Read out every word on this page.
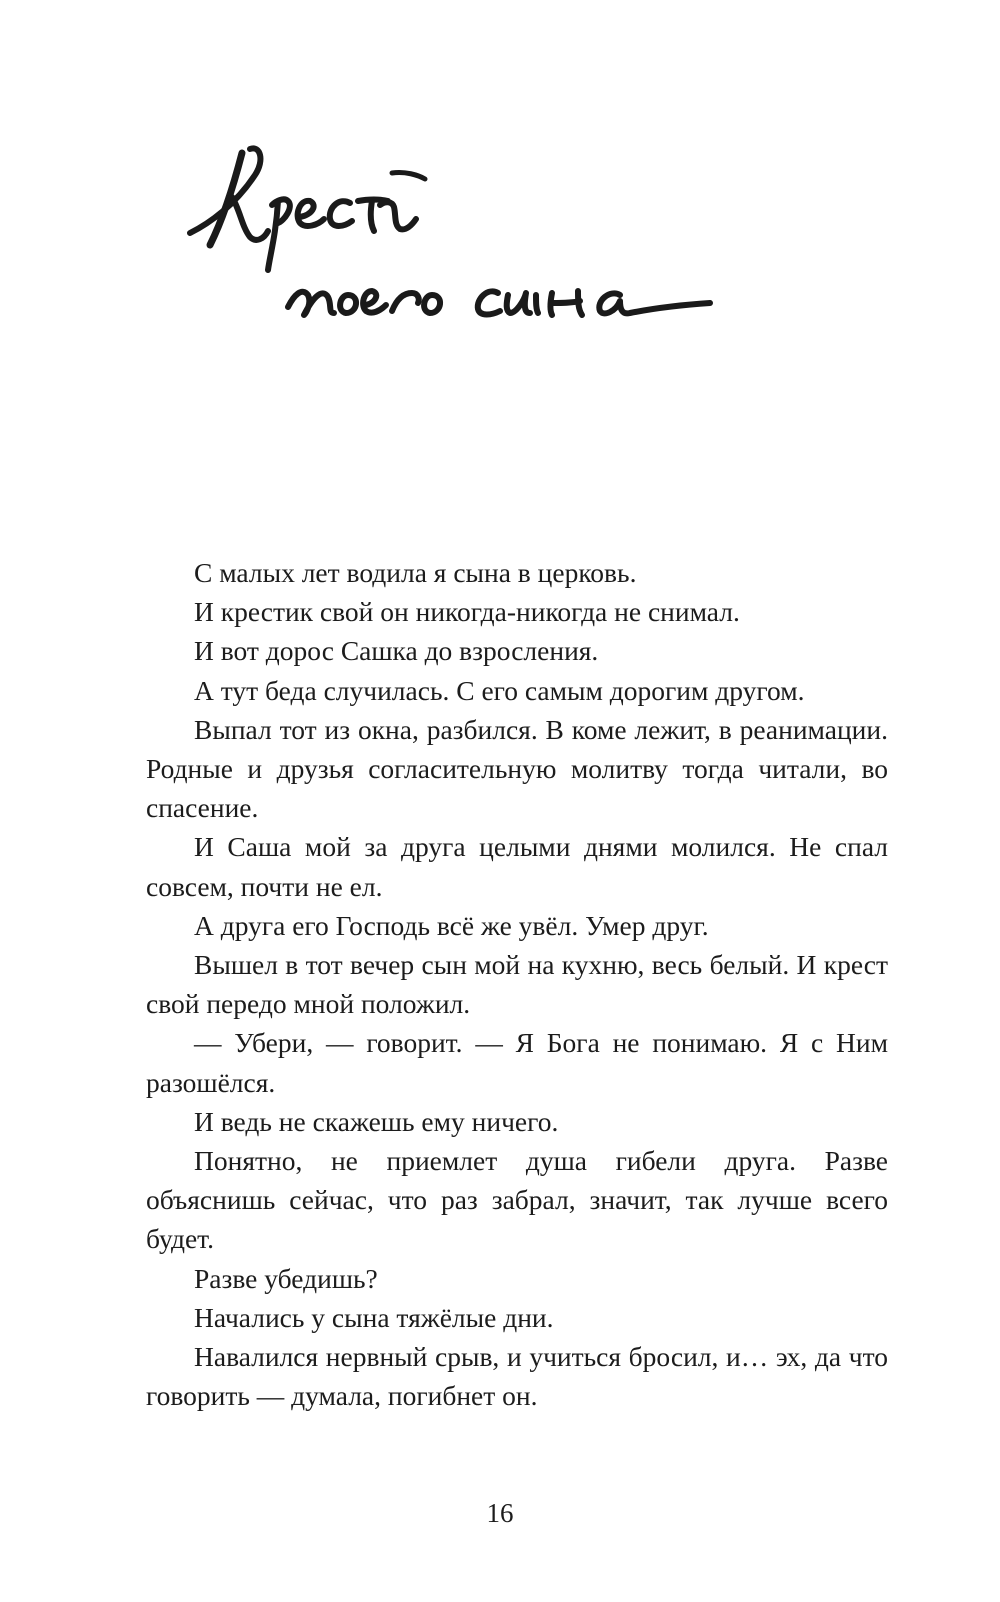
С малых лет водила я сына в церковь.

И крестик свой он никогда-никогда не снимал.

И вот дорос Сашка до взросления.

А тут беда случилась. С его самым дорогим другом.

Выпал тот из окна, разбился. В коме лежит, в реанимации. Родные и друзья согласительную молитву тогда читали, во спасение.

И Саша мой за друга целыми днями молился. Не спал совсем, почти не ел.

А друга его Господь всё же увёл. Умер друг.

Вышел в тот вечер сын мой на кухню, весь белый. И крест свой передо мной положил.

— Убери, — говорит. — Я Бога не понимаю. Я с Ним разошёлся.

И ведь не скажешь ему ничего.

Понятно, не приемлет душа гибели друга. Разве объяснишь сейчас, что раз забрал, значит, так лучше всего будет.

Разве убедишь?

Начались у сына тяжёлые дни.

Навалился нервный срыв, и учиться бросил, и… эх, да что говорить — думала, погибнет он.

16
